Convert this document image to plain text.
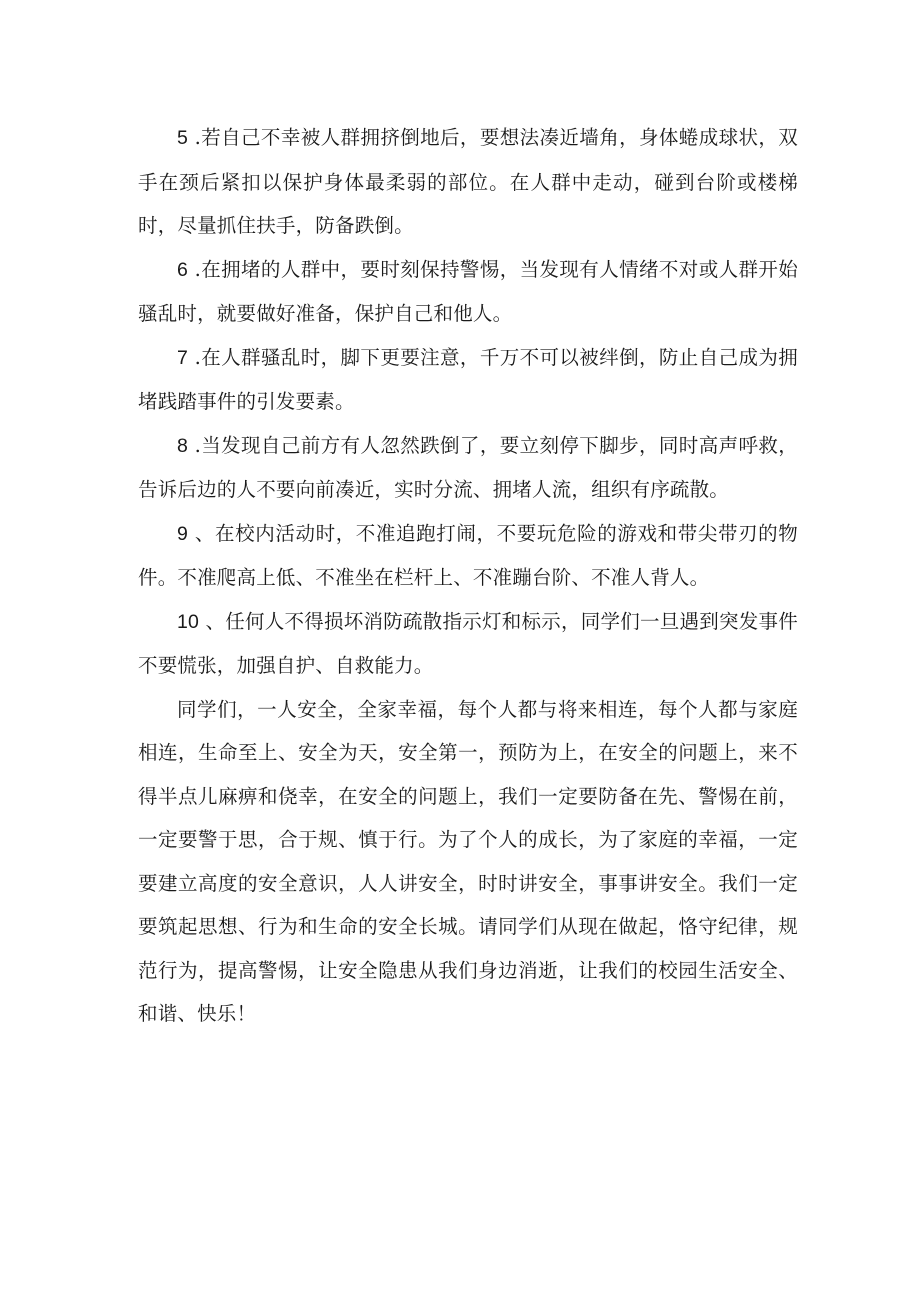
5 .若自己不幸被人群拥挤倒地后，要想法凑近墙角，身体蜷成球状，双手在颈后紧扣以保护身体最柔弱的部位。在人群中走动，碰到台阶或楼梯时，尽量抓住扶手，防备跌倒。

6 .在拥堵的人群中，要时刻保持警惕，当发现有人情绪不对或人群开始骚乱时，就要做好准备，保护自己和他人。

7 .在人群骚乱时，脚下更要注意，千万不可以被绊倒，防止自己成为拥堵践踏事件的引发要素。

8 .当发现自己前方有人忽然跌倒了，要立刻停下脚步，同时高声呼救，告诉后边的人不要向前凑近，实时分流、拥堵人流，组织有序疏散。

9 、在校内活动时，不准追跑打闹，不要玩危险的游戏和带尖带刃的物件。不准爬高上低、不准坐在栏杆上、不准蹦台阶、不准人背人。

10 、任何人不得损坏消防疏散指示灯和标示，同学们一旦遇到突发事件不要慌张，加强自护、自救能力。

同学们，一人安全，全家幸福，每个人都与将来相连，每个人都与家庭相连，生命至上、安全为天，安全第一，预防为上，在安全的问题上，来不得半点儿麻痹和侥幸，在安全的问题上，我们一定要防备在先、警惕在前，一定要警于思，合于规、慎于行。为了个人的成长，为了家庭的幸福，一定要建立高度的安全意识，人人讲安全，时时讲安全，事事讲安全。我们一定要筑起思想、行为和生命的安全长城。请同学们从现在做起，恪守纪律，规范行为，提高警惕，让安全隐患从我们身边消逝，让我们的校园生活安全、和谐、快乐！
